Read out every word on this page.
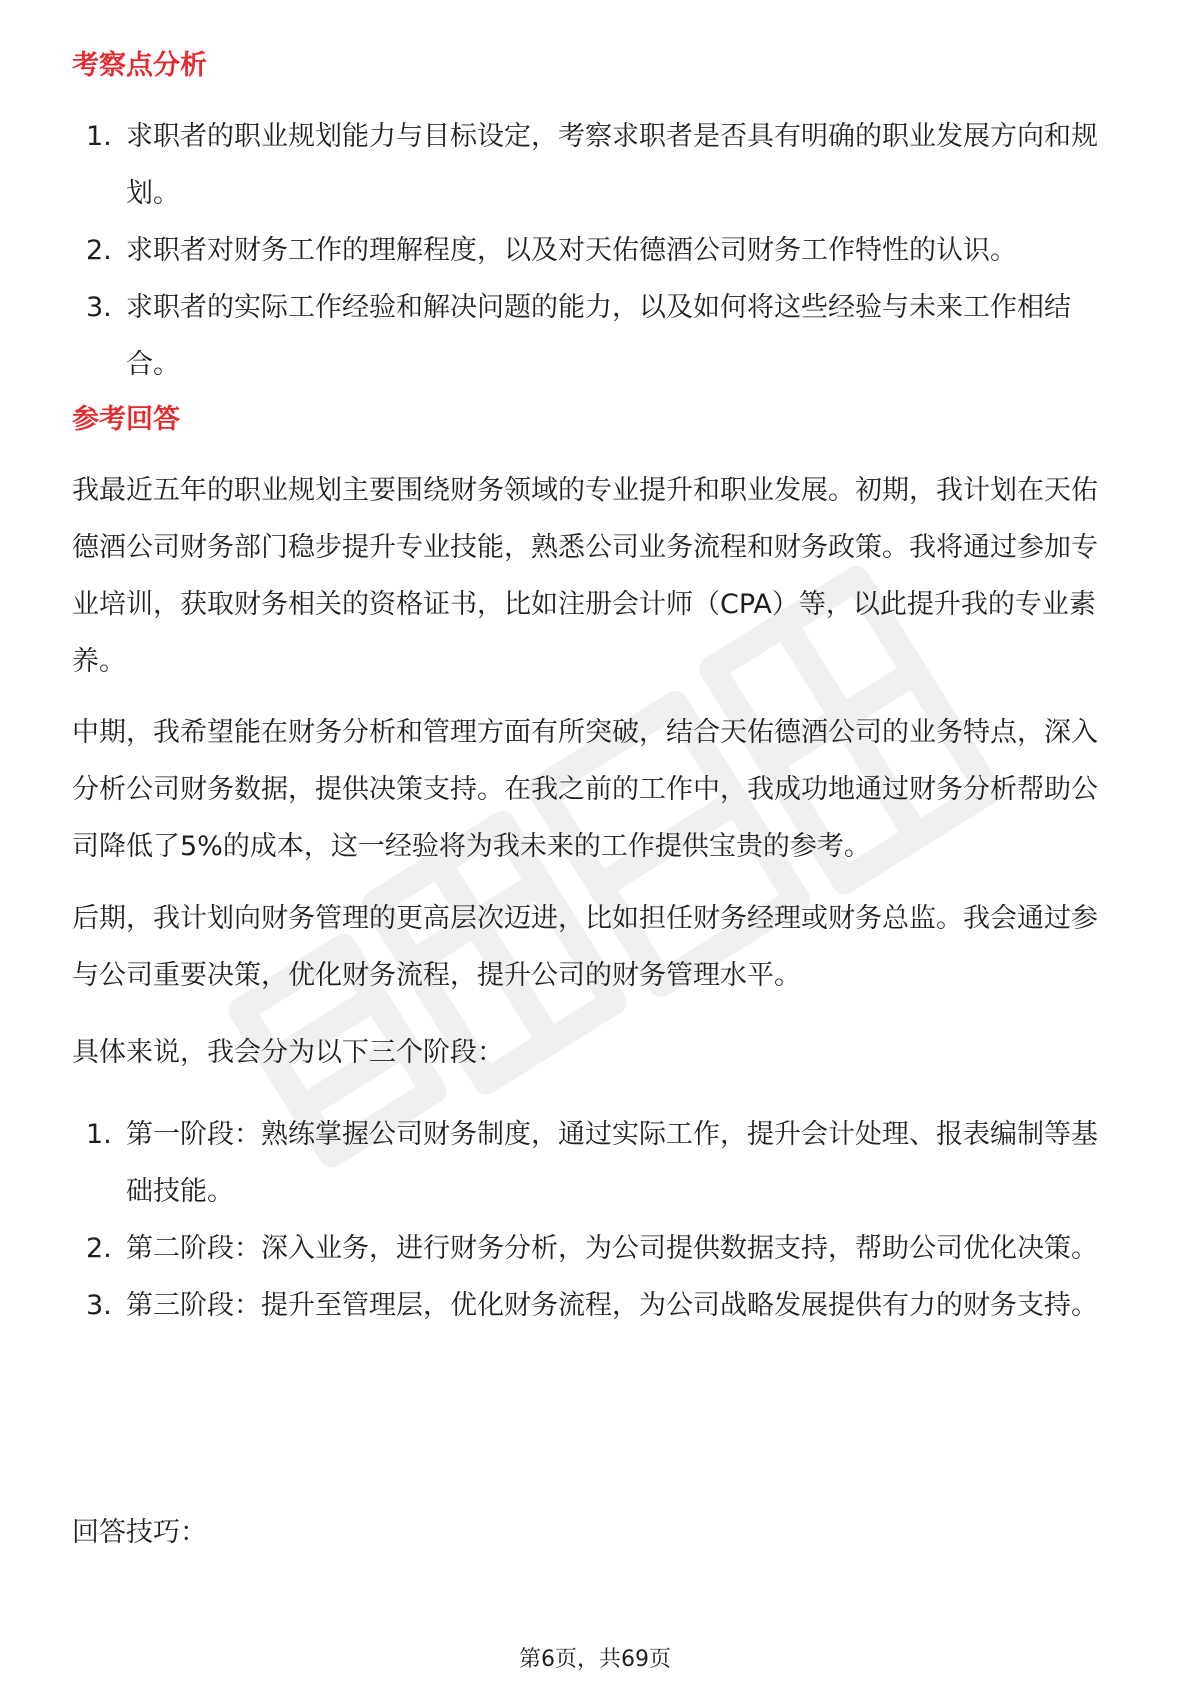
考察点分析
1. 求职者的职业规划能力与目标设定，考察求职者是否具有明确的职业发展方向和规划。
2. 求职者对财务工作的理解程度，以及对天佑德酒公司财务工作特性的认识。
3. 求职者的实际工作经验和解决问题的能力，以及如何将这些经验与未来工作相结合。
参考回答
我最近五年的职业规划主要围绕财务领域的专业提升和职业发展。初期，我计划在天佑德酒公司财务部门稳步提升专业技能，熟悉公司业务流程和财务政策。我将通过参加专业培训，获取财务相关的资格证书，比如注册会计师（CPA）等，以此提升我的专业素养。
中期，我希望能在财务分析和管理方面有所突破，结合天佑德酒公司的业务特点，深入分析公司财务数据，提供决策支持。在我之前的工作中，我成功地通过财务分析帮助公司降低了5%的成本，这一经验将为我未来的工作提供宝贵的参考。
后期，我计划向财务管理的更高层次迈进，比如担任财务经理或财务总监。我会通过参与公司重要决策，优化财务流程，提升公司的财务管理水平。
具体来说，我会分为以下三个阶段：
1. 第一阶段：熟练掌握公司财务制度，通过实际工作，提升会计处理、报表编制等基础技能。
2. 第二阶段：深入业务，进行财务分析，为公司提供数据支持，帮助公司优化决策。
3. 第三阶段：提升至管理层，优化财务流程，为公司战略发展提供有力的财务支持。
回答技巧：
第6页，共69页
